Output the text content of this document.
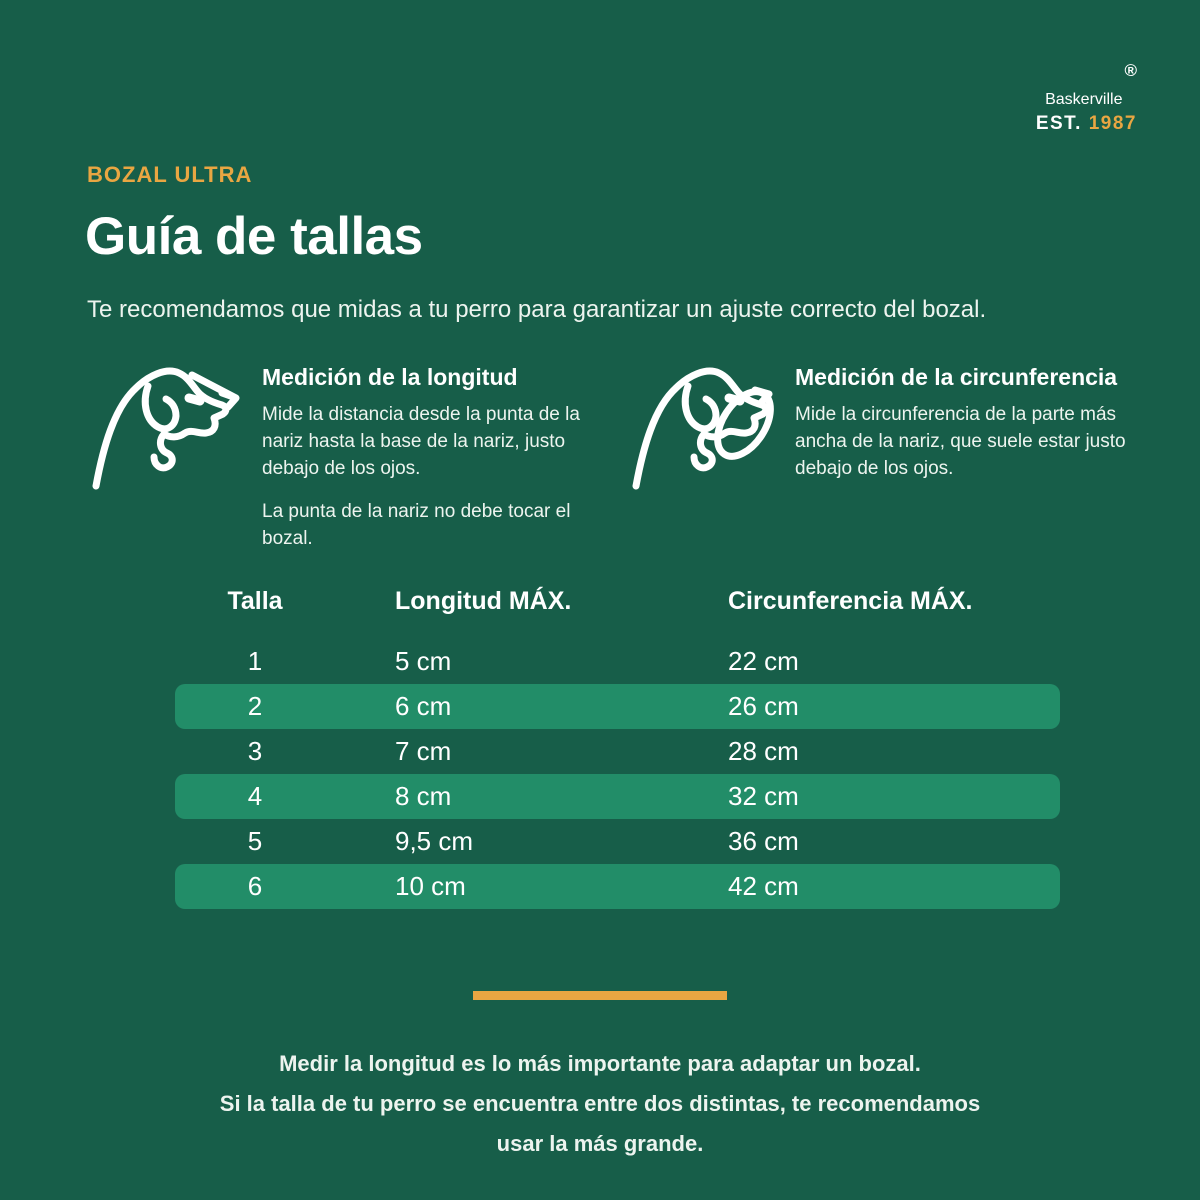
Baskerville®
EST. 1987
BOZAL ULTRA
Guía de tallas
Te recomendamos que midas a tu perro para garantizar un ajuste correcto del bozal.

Medición de la longitud

Mide la distancia desde la punta de la nariz hasta la base de la nariz, justo debajo de los ojos.

La punta de la nariz no debe tocar el bozal.

Medición de la circunferencia

Mide la circunferencia de la parte más ancha de la nariz, que suele estar justo debajo de los ojos.

Talla	Longitud MÁX.	Circunferencia MÁX.
1	5 cm	22 cm
2	6 cm	26 cm
3	7 cm	28 cm
4	8 cm	32 cm
5	9,5 cm	36 cm
6	10 cm	42 cm
Medir la longitud es lo más importante para adaptar un bozal.
Si la talla de tu perro se encuentra entre dos distintas, te recomendamos
usar la más grande.
